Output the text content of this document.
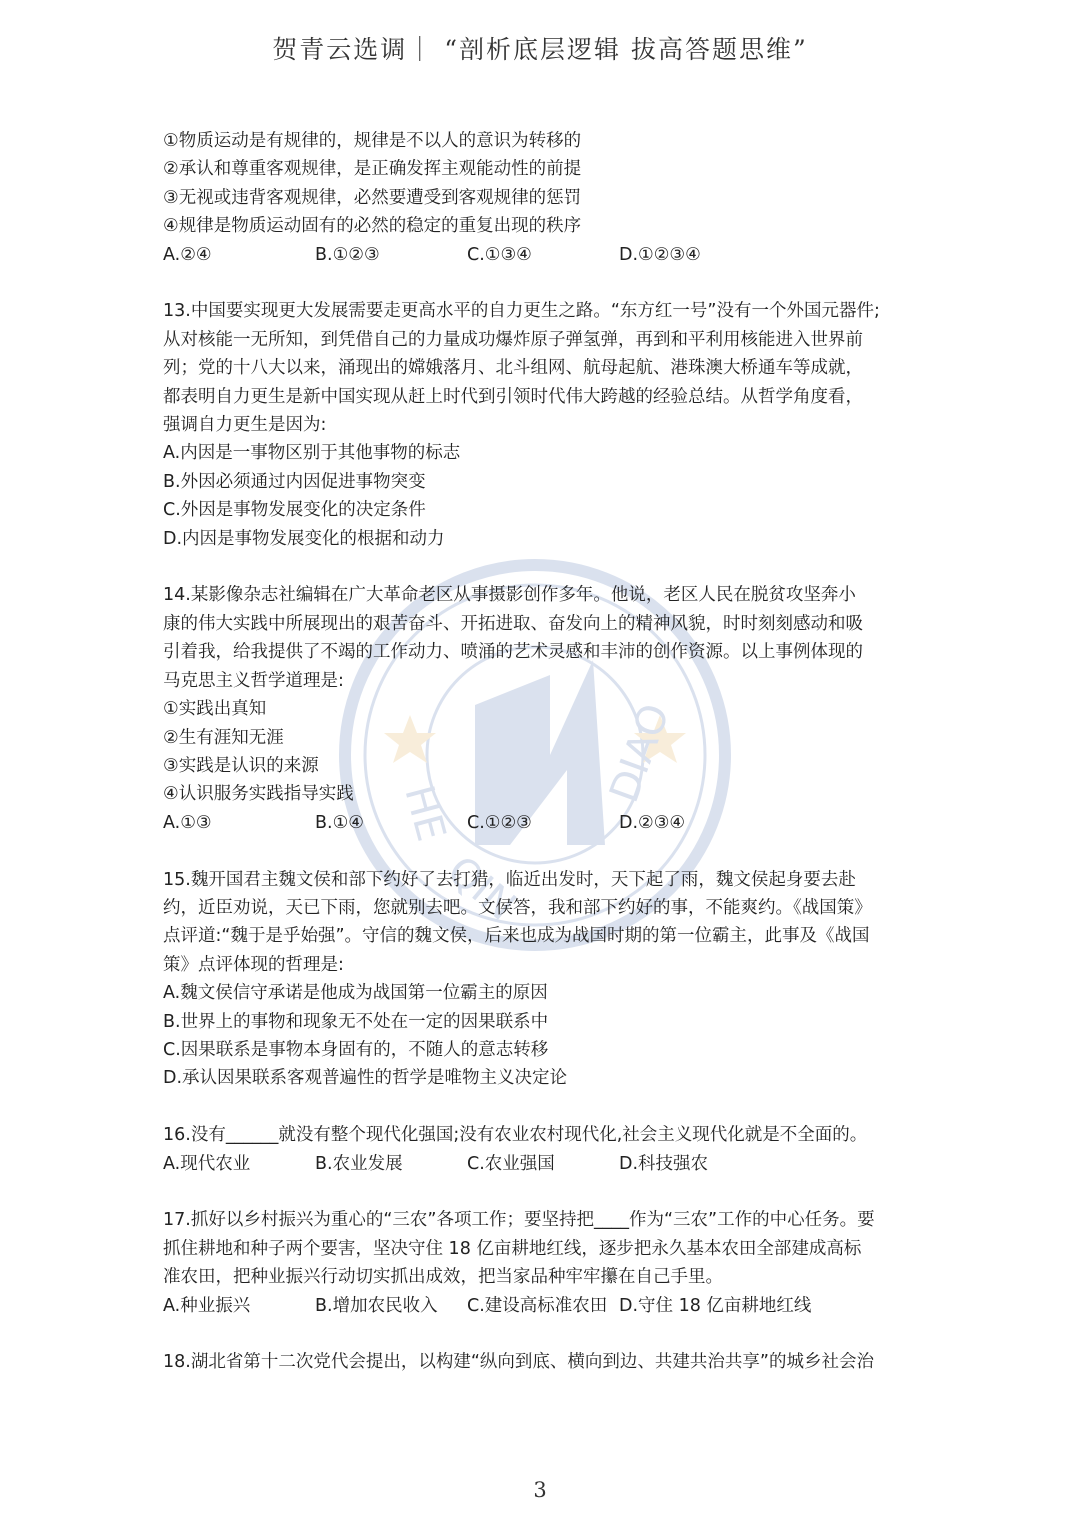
贺青云选调｜ “剖析底层逻辑 拔高答题思维”
HE
QIN
DIAO
①物质运动是有规律的，规律是不以人的意识为转移的
②承认和尊重客观规律，是正确发挥主观能动性的前提
③无视或违背客观规律，必然要遭受到客观规律的惩罚
④规律是物质运动固有的必然的稳定的重复出现的秩序
A.②④	B.①②③	C.①③④	D.①②③④
13.中国要实现更大发展需要走更高水平的自力更生之路。“东方红一号”没有一个外国元器件;
从对核能一无所知，到凭借自己的力量成功爆炸原子弹氢弹，再到和平利用核能进入世界前
列；党的十八大以来，涌现出的嫦娥落月、北斗组网、航母起航、港珠澳大桥通车等成就，
都表明自力更生是新中国实现从赶上时代到引领时代伟大跨越的经验总结。从哲学角度看，
强调自力更生是因为:
A.内因是一事物区别于其他事物的标志
B.外因必须通过内因促进事物突变
C.外因是事物发展变化的决定条件
D.内因是事物发展变化的根据和动力
14.某影像杂志社编辑在广大革命老区从事摄影创作多年。他说，老区人民在脱贫攻坚奔小
康的伟大实践中所展现出的艰苦奋斗、开拓进取、奋发向上的精神风貌，时时刻刻感动和吸
引着我，给我提供了不竭的工作动力、喷涌的艺术灵感和丰沛的创作资源。以上事例体现的
马克思主义哲学道理是:
①实践出真知
②生有涯知无涯
③实践是认识的来源
④认识服务实践指导实践
A.①③	B.①④	C.①②③	D.②③④
15.魏开国君主魏文侯和部下约好了去打猎，临近出发时，天下起了雨，魏文侯起身要去赴
约，近臣劝说，天已下雨，您就别去吧。文侯答，我和部下约好的事，不能爽约。《战国策》
点评道:“魏于是乎始强”。守信的魏文侯，后来也成为战国时期的第一位霸主，此事及《战国
策》点评体现的哲理是:
A.魏文侯信守承诺是他成为战国第一位霸主的原因
B.世界上的事物和现象无不处在一定的因果联系中
C.因果联系是事物本身固有的，不随人的意志转移
D.承认因果联系客观普遍性的哲学是唯物主义决定论
16.没有______就没有整个现代化强国;没有农业农村现代化,社会主义现代化就是不全面的。
A.现代农业	B.农业发展	C.农业强国	D.科技强农
17.抓好以乡村振兴为重心的“三农”各项工作；要坚持把____作为“三农”工作的中心任务。要
抓住耕地和种子两个要害，坚决守住 18 亿亩耕地红线，逐步把永久基本农田全部建成高标
准农田，把种业振兴行动切实抓出成效，把当家品种牢牢攥在自己手里。
A.种业振兴	B.增加农民收入	C.建设高标准农田 D.守住 18 亿亩耕地红线
18.湖北省第十二次党代会提出，以构建“纵向到底、横向到边、共建共治共享”的城乡社会治
3
